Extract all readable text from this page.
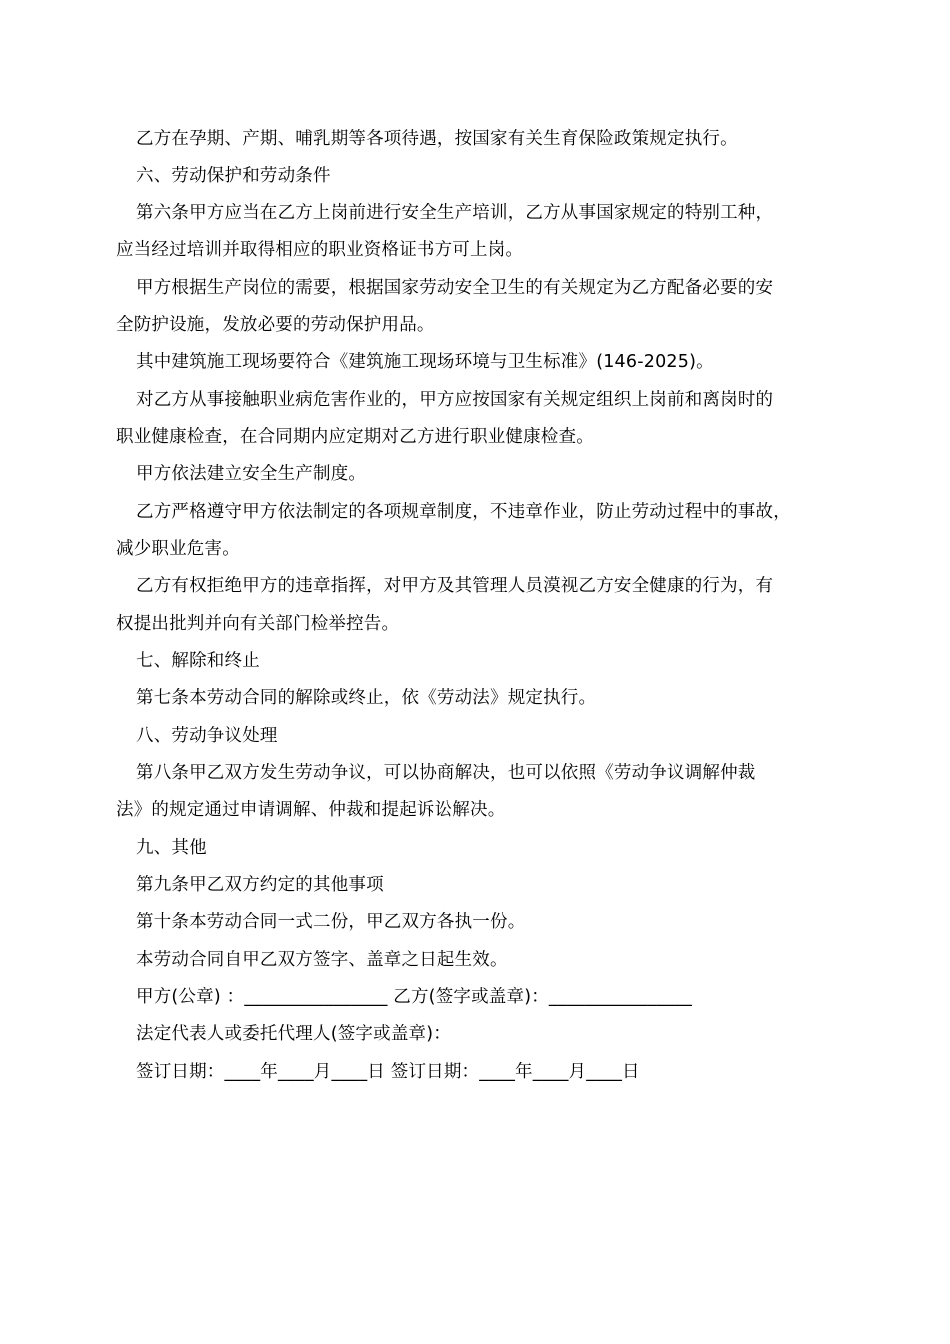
乙方在孕期、产期、哺乳期等各项待遇，按国家有关生育保险政策规定执行。

六、劳动保护和劳动条件

第六条甲方应当在乙方上岗前进行安全生产培训，乙方从事国家规定的特别工种，

应当经过培训并取得相应的职业资格证书方可上岗。

甲方根据生产岗位的需要，根据国家劳动安全卫生的有关规定为乙方配备必要的安

全防护设施，发放必要的劳动保护用品。

其中建筑施工现场要符合《建筑施工现场环境与卫生标准》(146-2025)。

对乙方从事接触职业病危害作业的，甲方应按国家有关规定组织上岗前和离岗时的

职业健康检查，在合同期内应定期对乙方进行职业健康检查。

甲方依法建立安全生产制度。

乙方严格遵守甲方依法制定的各项规章制度，不违章作业，防止劳动过程中的事故，

减少职业危害。

乙方有权拒绝甲方的违章指挥，对甲方及其管理人员漠视乙方安全健康的行为，有

权提出批判并向有关部门检举控告。

七、解除和终止

第七条本劳动合同的解除或终止，依《劳动法》规定执行。

八、劳动争议处理

第八条甲乙双方发生劳动争议，可以协商解决，也可以依照《劳动争议调解仲裁

法》的规定通过申请调解、仲裁和提起诉讼解决。

九、其他

第九条甲乙双方约定的其他事项

第十条本劳动合同一式二份，甲乙双方各执一份。

本劳动合同自甲乙双方签字、盖章之日起生效。

甲方(公章) ：________________ 乙方(签字或盖章)：________________

法定代表人或委托代理人(签字或盖章)：

签订日期：____年____月____日 签订日期：____年____月____日
